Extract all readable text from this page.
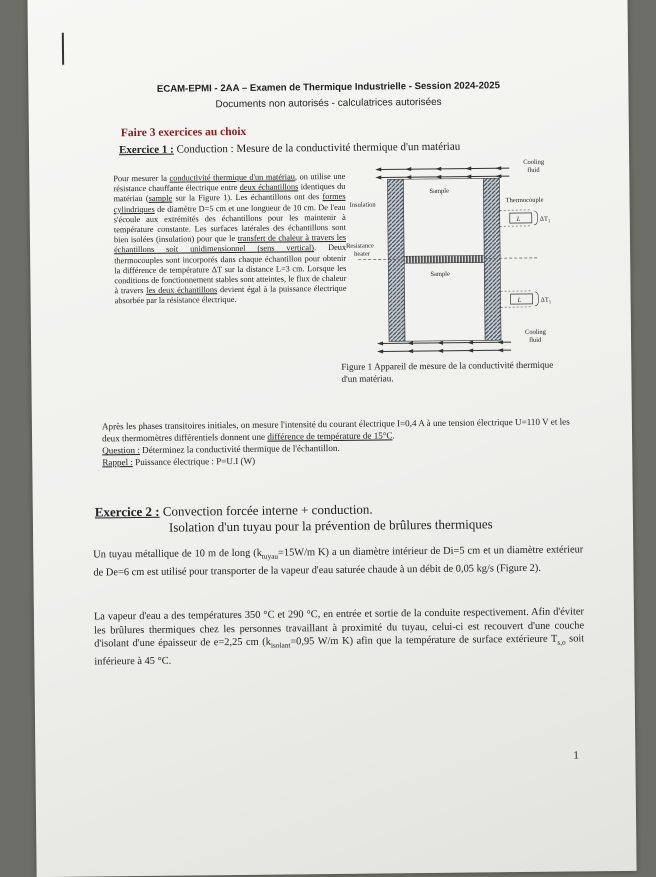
ECAM-EPMI - 2AA – Examen de Thermique Industrielle - Session 2024-2025
Documents non autorisés - calculatrices autorisées
Faire 3 exercices au choix
Exercice 1 : Conduction : Mesure de la conductivité thermique d'un matériau
Pour mesurer la conductivité thermique d'un matériau, on utilise une résistance chauffante électrique entre deux échantillons identiques du matériau (sample sur la Figure 1). Les échantillons ont des formes cylindriques de diamètre D=5 cm et une longueur de 10 cm. De l'eau s'écoule aux extrémités des échantillons pour les maintenir à température constante. Les surfaces latérales des échantillons sont bien isolées (insulation) pour que le transfert de chaleur à travers les échantillons soit unidimensionnel (sens vertical). Deux thermocouples sont incorporés dans chaque échantillon pour obtenir la différence de température ΔT sur la distance L=3 cm. Lorsque les conditions de fonctionnement stables sont atteintes, le flux de chaleur à travers les deux échantillons devient égal à la puissance électrique absorbée par la résistance électrique.
Cooling
fluid
Sample
Insulation
Thermocouple
L	$\Delta T_1$
Resistance
heater
Sample
L	$\Delta T_1$
Cooling
fluid
Figure 1 Appareil de mesure de la conductivité thermique d'un matériau.
Après les phases transitoires initiales, on mesure l'intensité du courant électrique I=0,4 A à une tension électrique U=110 V et les deux thermomètres différentiels donnent une différence de température de 15°C.
Question : Déterminez la conductivité thermique de l'échantillon.
Rappel : Puissance électrique : P=U.I (W)
Exercice 2 : Convection forcée interne + conduction.
Isolation d'un tuyau pour la prévention de brûlures thermiques
Un tuyau métallique de 10 m de long ($k_{tuyau}=15W/m$ K) a un diamètre intérieur de Di=5 cm et un diamètre extérieur de De=6 cm est utilisé pour transporter de la vapeur d'eau saturée chaude à un débit de 0,05 kg/s (Figure 2).
La vapeur d'eau a des températures 350 °C et 290 °C, en entrée et sortie de la conduite respectivement. Afin d'éviter les brûlures thermiques chez les personnes travaillant à proximité du tuyau, celui-ci est recouvert d'une couche d'isolant d'une épaisseur de e=2,25 cm ($k_{isolant}=0,95$ W/m K) afin que la température de surface extérieure $T_{s,o}$ soit inférieure à 45 °C.
1
